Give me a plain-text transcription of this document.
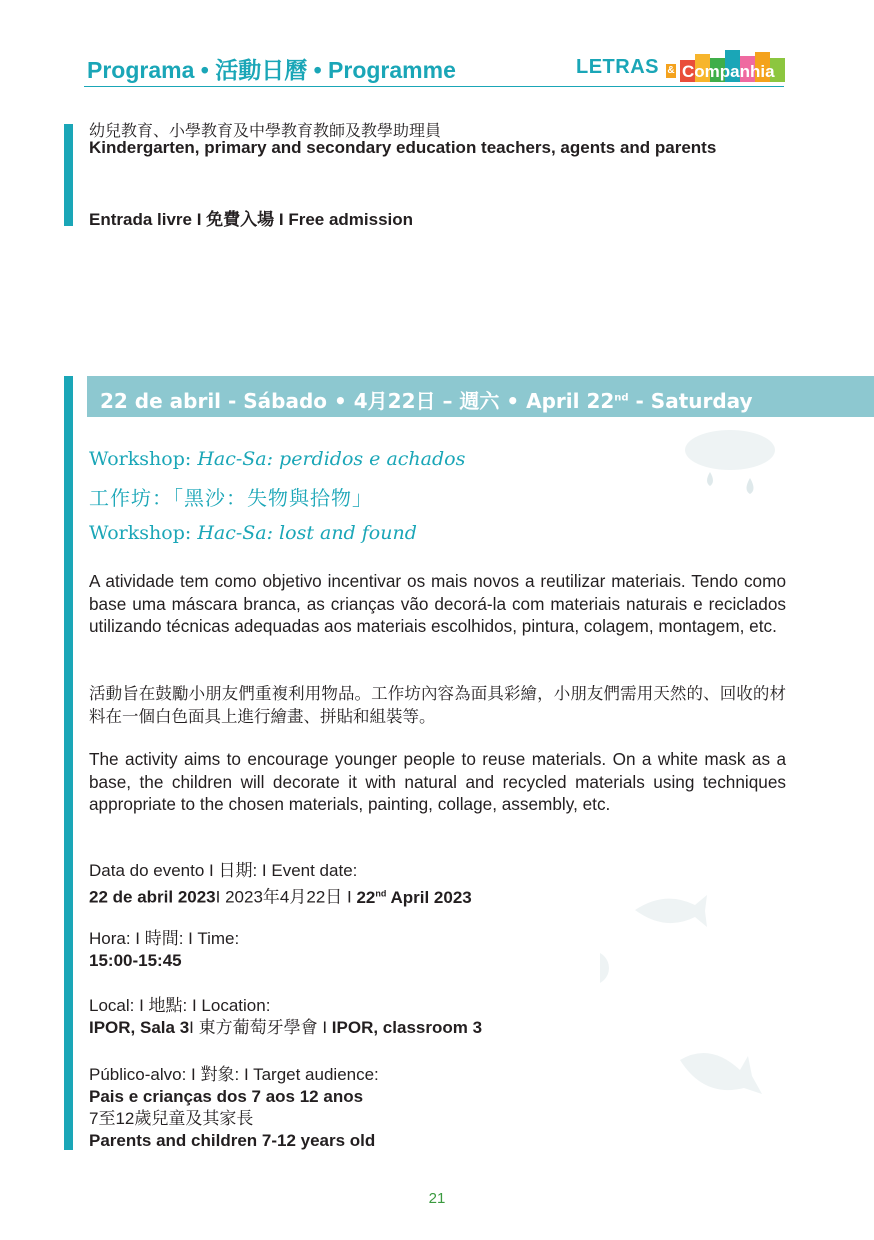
Programa • 活動日曆 • Programme	LETRAS & Companhia
幼兒教育、小學教育及中學教育教師及教學助理員
Kindergarten, primary and secondary education teachers, agents and parents
Entrada livre I 免費入場 I Free admission
22 de abril - Sábado • 4月22日 – 週六 • April 22nd - Saturday
Workshop: Hac-Sa: perdidos e achados
工作坊：「黑沙：失物與拾物」
Workshop: Hac-Sa: lost and found
A atividade tem como objetivo incentivar os mais novos a reutilizar materiais. Tendo como base uma máscara branca, as crianças vão decorá-la com materiais naturais e reciclados utilizando técnicas adequadas aos materiais escolhidos, pintura, colagem, montagem, etc.
活動旨在鼓勵小朋友們重複利用物品。工作坊內容為面具彩繪，小朋友們需用天然的、回收的材料在一個白色面具上進行繪畫、拼貼和組裝等。
The activity aims to encourage younger people to reuse materials. On a white mask as a base, the children will decorate it with natural and recycled materials using techniques appropriate to the chosen materials, painting, collage, assembly, etc.
Data do evento I 日期: I Event date:
22 de abril 2023I 2023年4月22日 I 22nd April 2023
Hora: I 時間: I Time:
15:00-15:45
Local: I 地點: I Location:
IPOR, Sala 3I 東方葡萄牙學會 I IPOR, classroom 3
Público-alvo: I 對象: I Target audience:
Pais e crianças dos 7 aos 12 anos
7至12歲兒童及其家長
Parents and children 7-12 years old
21
